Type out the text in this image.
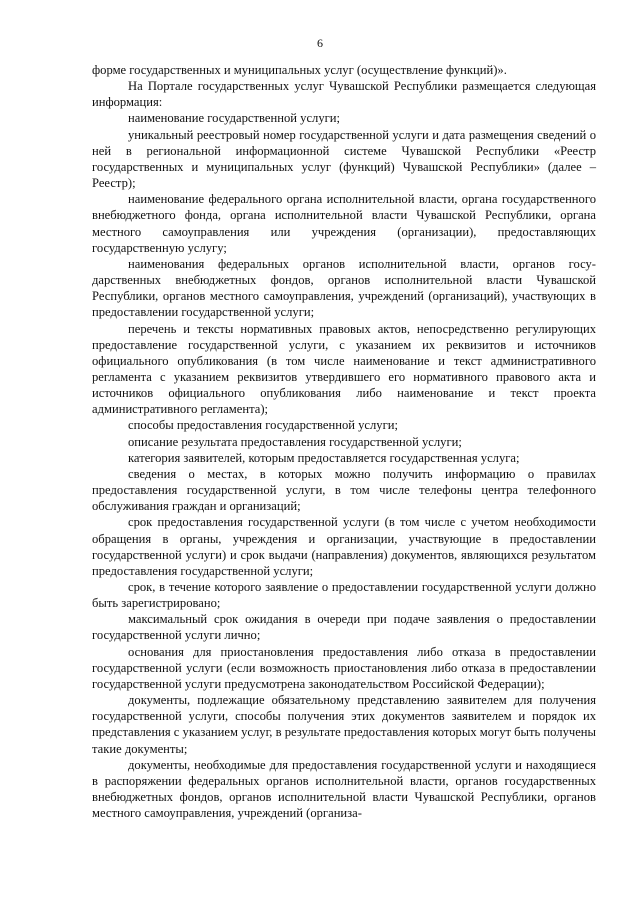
6

форме государственных и муниципальных услуг (осуществление функций)».

На Портале государственных услуг Чувашской Республики размещается следующая информация:

наименование государственной услуги;

уникальный реестровый номер государственной услуги и дата размещения сведений о ней в региональной информационной системе Чувашской Республики «Реестр государственных и муниципальных услуг (функций) Чувашской Республики» (далее – Реестр);

наименование федерального органа исполнительной власти, органа государственного внебюджетного фонда, органа исполнительной власти Чувашской Республики, органа местного самоуправления или учреждения (организации), предоставляющих государственную услугу;

наименования федеральных органов исполнительной власти, органов государственных внебюджетных фондов, органов исполнительной власти Чувашской Республики, органов местного самоуправления, учреждений (организаций), участвующих в предоставлении государственной услуги;

перечень и тексты нормативных правовых актов, непосредственно регулирующих предоставление государственной услуги, с указанием их реквизитов и источников официального опубликования (в том числе наименование и текст административного регламента с указанием реквизитов утвердившего его нормативного правового акта и источников официального опубликования либо наименование и текст проекта административного регламента);

способы предоставления государственной услуги;

описание результата предоставления государственной услуги;

категория заявителей, которым предоставляется государственная услуга;

сведения о местах, в которых можно получить информацию о правилах предоставления государственной услуги, в том числе телефоны центра телефонного обслуживания граждан и организаций;

срок предоставления государственной услуги (в том числе с учетом необходимости обращения в органы, учреждения и организации, участвующие в предоставлении государственной услуги) и срок выдачи (направления) документов, являющихся результатом предоставления государственной услуги;

срок, в течение которого заявление о предоставлении государственной услуги должно быть зарегистрировано;

максимальный срок ожидания в очереди при подаче заявления о предоставлении государственной услуги лично;

основания для приостановления предоставления либо отказа в предоставлении государственной услуги (если возможность приостановления либо отказа в предоставлении государственной услуги предусмотрена законодательством Российской Федерации);

документы, подлежащие обязательному представлению заявителем для получения государственной услуги, способы получения этих документов заявителем и порядок их представления с указанием услуг, в результате предоставления которых могут быть получены такие документы;

документы, необходимые для предоставления государственной услуги и находящиеся в распоряжении федеральных органов исполнительной власти, органов государственных внебюджетных фондов, органов исполнительной власти Чувашской Республики, органов местного самоуправления, учреждений (организа-
